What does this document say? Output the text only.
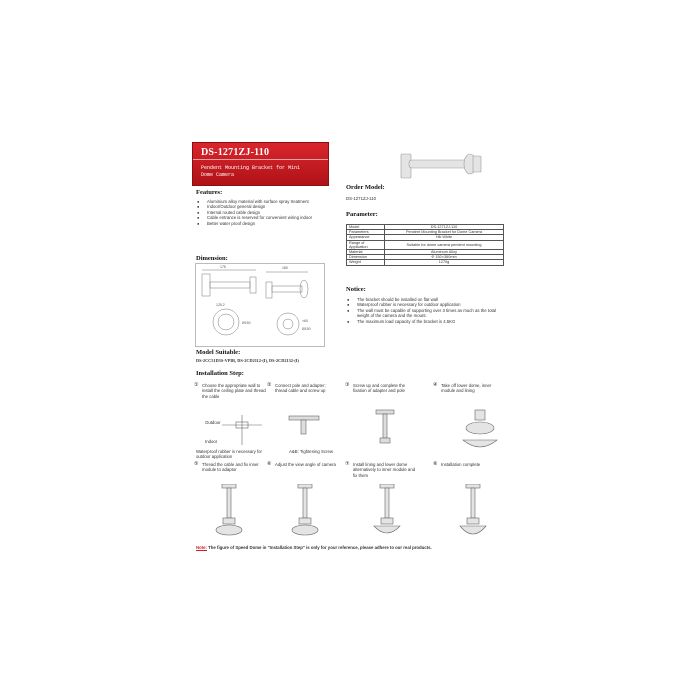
DS-1271ZJ-110
Pendent Mounting Bracket for Mini Dome Camera
Features:
● Aluminium alloy material with surface spray treatment
● Indoor/Outdoor general design
● Internal routed cable design
● Cable entrance is reserved for convenient wiring indoor
● Better water proof design
Dimension:
180
175
125.2
Ø150	×60
Ø150
Model Suitable:
DS-2CC51D3S-VPIR, DS-2CD2112-(I), DS-2CD2132-(I)
Order Model:
DS-1271ZJ-110
Parameter:
Model	DS-1271ZJ-110
Parameters	Pendent Mounting Bracket for Dome Camera
Appearance	Hik White
Range of Application	Suitable for dome camera pendent mounting
Material	Aluminum Alloy
Dimension	Φ 150×360mm
Weight	1270g
Notice:
● The bracket should be installed on flat wall
● Waterproof rubber is necessary for outdoor application
● The wall must be capable of supporting over 3 times as much as the total weight of the camera and the mount.
● The maximum load capacity of the bracket is 4.5KG
Installation Step:
① Choose the appropriate wall to install the ceiling plate and thread the cable
② Connect pole and adapter; thread cable and screw up
③ Screw up and complete the fixation of adapter and pole
④ Take off lower dome, inner module and lining
Outdoor
Indoor
Waterproof rubber is necessary for outdoor application
A&B: Tightening Screw
⑤ Thread the cable and fix inner module to adaptor
⑥ Adjust the view angle of camera	⑦ Install lining and lower dome alternatively to inner module and fix them
⑧ Installation complete
Note: The figure of Speed Dome in "Installation Step" is only for your reference, please adhere to our real products.
